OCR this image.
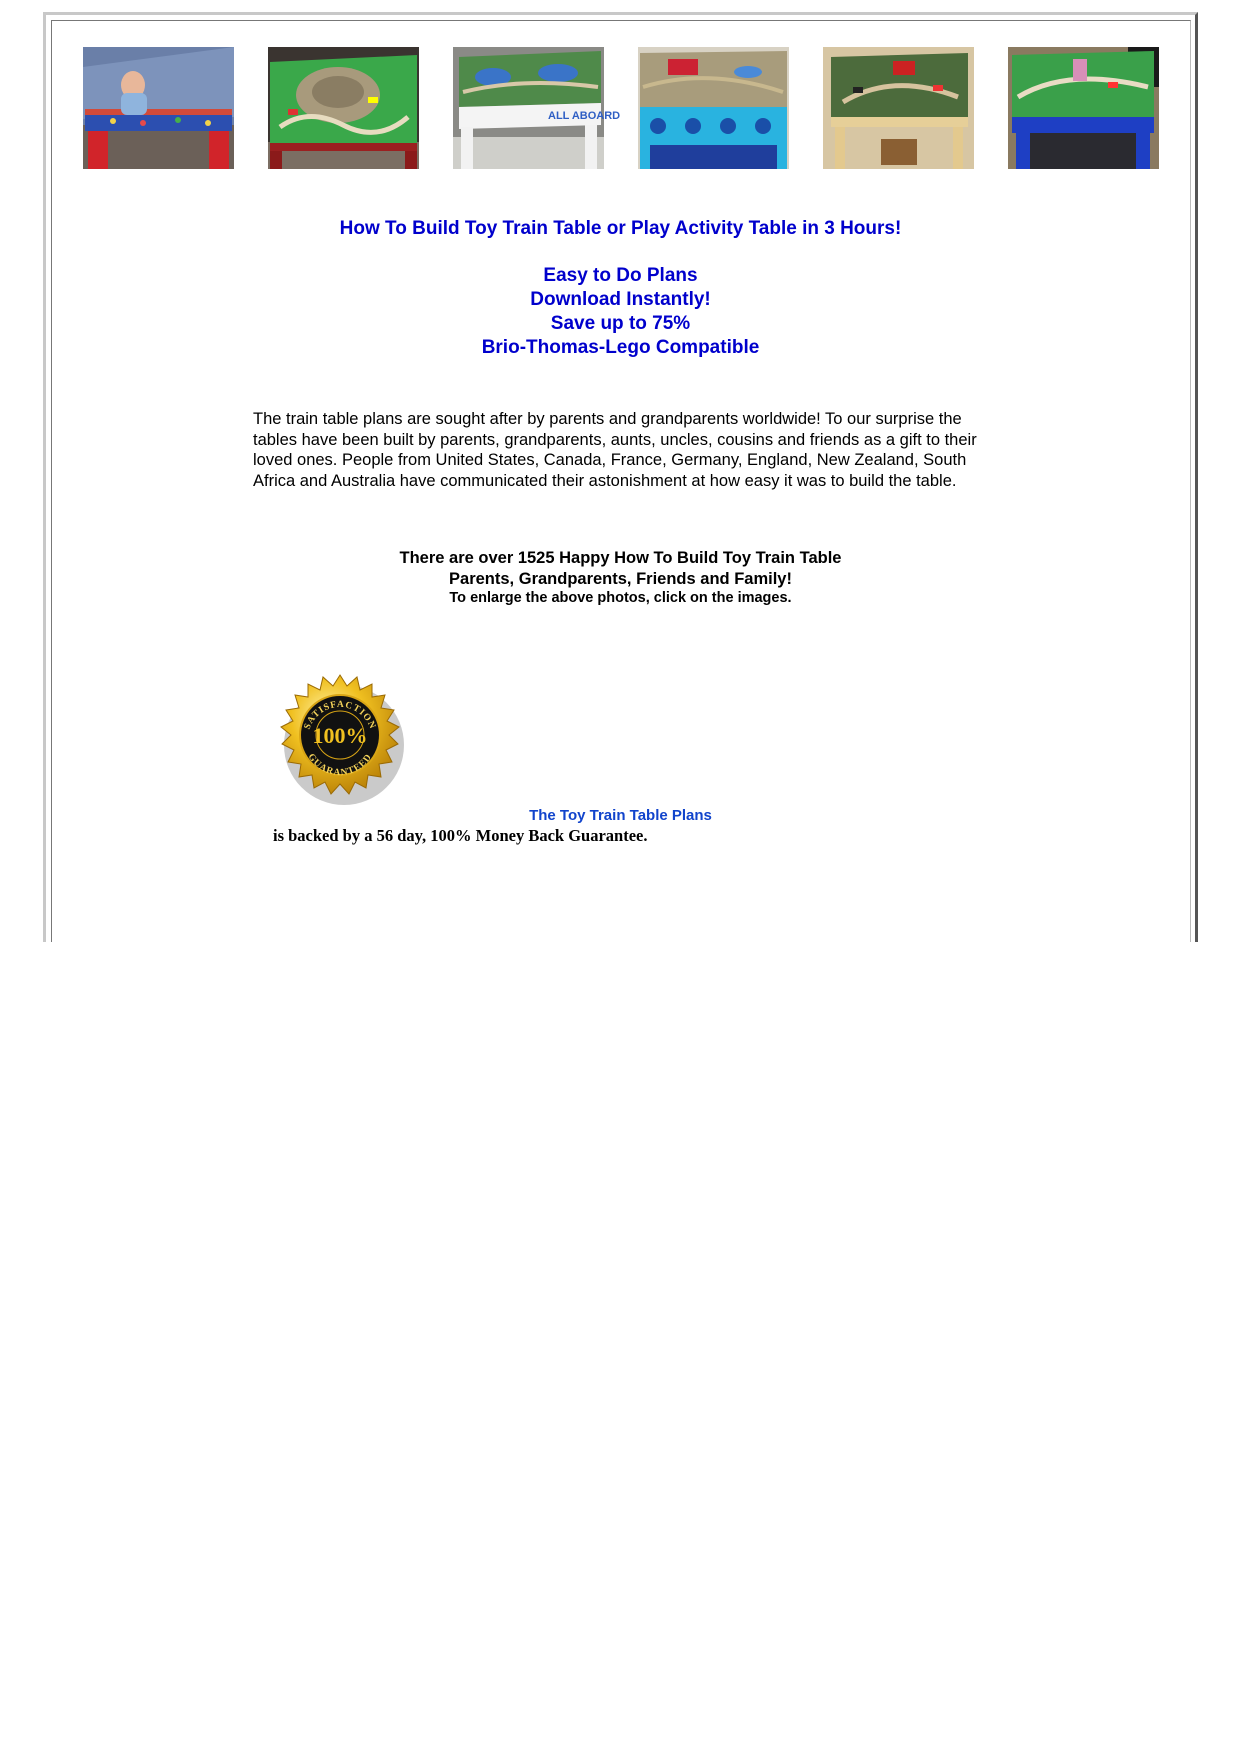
ALL ABOARD
How To Build Toy Train Table or Play Activity Table in 3 Hours!
Easy to Do Plans
Download Instantly!
Save up to 75%
Brio-Thomas-Lego Compatible
The train table plans are sought after by parents and grandparents worldwide! To our surprise the tables have been built by parents, grandparents, aunts, uncles, cousins and friends as a gift to their loved ones. People from United States, Canada, France, Germany, England, New Zealand, South Africa and Australia have communicated their astonishment at how easy it was to build the table.
There are over 1525 Happy How To Build Toy Train Table
Parents, Grandparents, Friends and Family!
To enlarge the above photos, click on the images.
SATISFACTION
GUARANTEED
100%
The Toy Train Table Plans
is backed by a 56 day, 100% Money Back Guarantee.
